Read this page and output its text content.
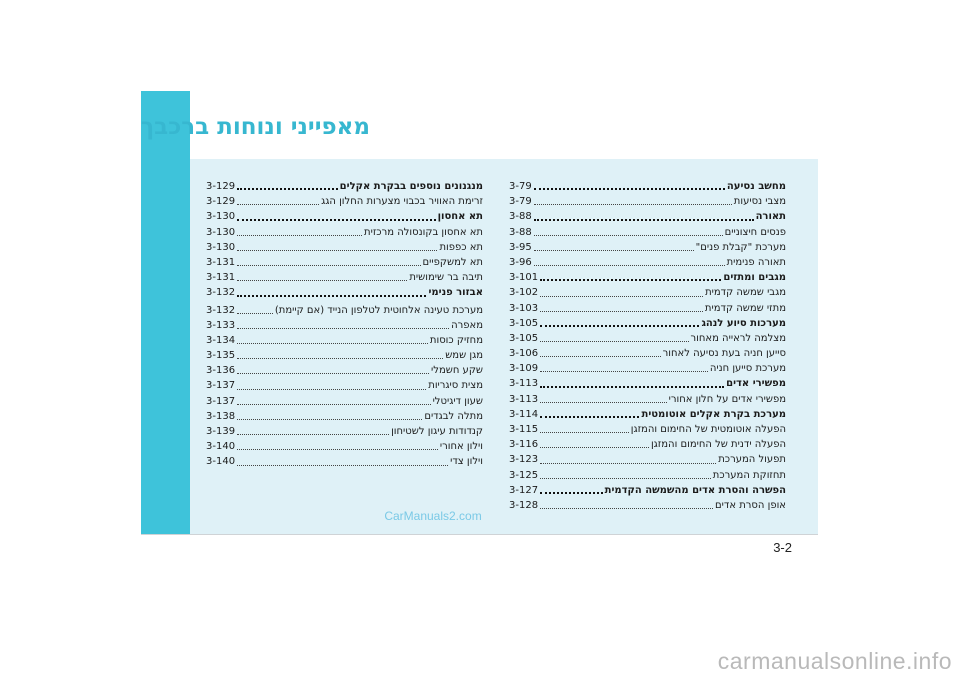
מאפייני ונוחות ברכבך
3-79	מחשב נסיעה
3-79	מצבי נסיעות
3-88	תאורה
3-88	פנסים חיצוניים
3-95	מערכת "קבלת פנים"
3-96	תאורה פנימית
3-101	מגבים ומתזים
3-102	מגבי שמשה קדמית
3-103	מתזי שמשה קדמית
3-105	מערכות סיוע לנהג
3-105	מצלמה לראייה מאחור
3-106	סייען חניה בעת נסיעה לאחור
3-109	מערכת סייען חניה
3-113	מפשירי אדים
3-113	מפשירי אדים על חלון אחורי
3-114	מערכת בקרת אקלים אוטומטית
3-115	הפעלה אוטומטית של החימום והמזגן
3-116	הפעלה ידנית של החימום והמזגן
3-123	תפעול המערכת
3-125	תחזוקת המערכת
3-127	הפשרה והסרת אדים מהשמשה הקדמית
3-128	אופן הסרת אדים
3-129	מנגנונים נוספים בבקרת אקלים
3-129	זרימת האוויר בכבוי מצערות החלון הגג
3-130	תא אחסון
3-130	תא אחסון בקונסולה מרכזית
3-130	תא כפפות
3-131	תא למשקפיים
3-131	תיבה בר שימושית
3-132	אבזור פנימי
3-132	מערכת טעינה אלחוטית לטלפון הנייד (אם קיימת)
3-133	מאפרה
3-134	מחזיק כוסות
3-135	מגן שמש
3-136	שקע חשמלי
3-137	מצית סיגריות
3-137	שעון דיגיטלי
3-138	מתלה לבגדים
3-139	קנדודות עיגון לשטיחון
3-140	וילון אחורי
3-140	וילון צדי
CarManuals2.com
3-2
carmanualsonline.info
